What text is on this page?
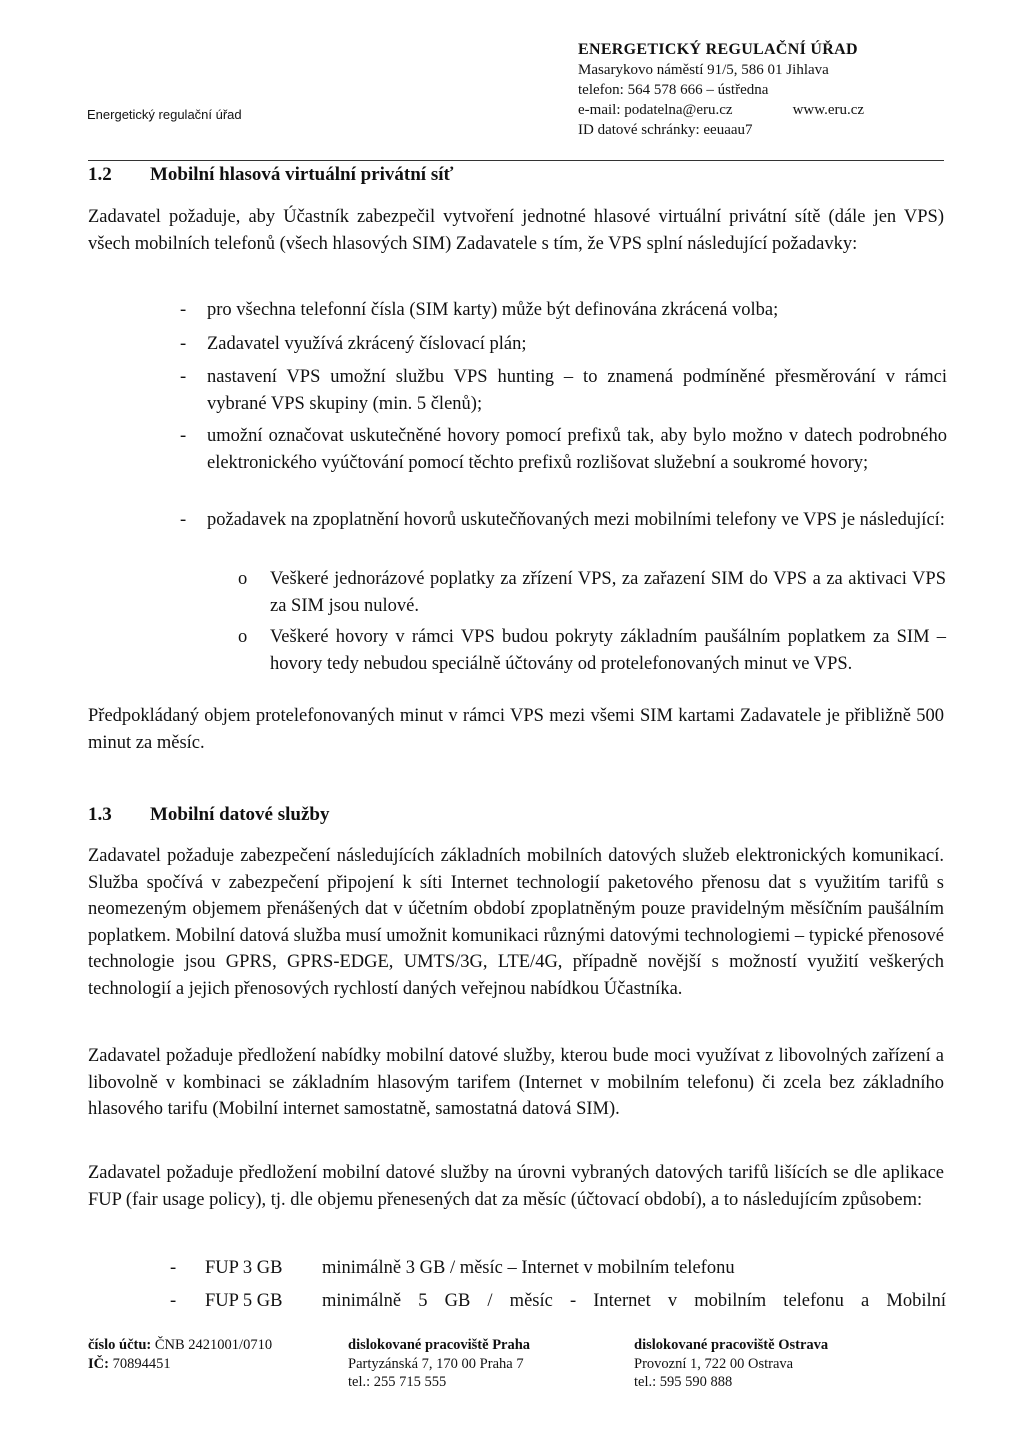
Energetický regulační úřad
ENERGETICKÝ REGULAČNÍ ÚŘAD
Masarykovo náměstí 91/5, 586 01 Jihlava
telefon: 564 578 666 – ústředna
e-mail: podatelna@eru.cz	www.eru.cz
ID datové schránky: eeuaau7
1.2 Mobilní hlasová virtuální privátní síť
Zadavatel požaduje, aby Účastník zabezpečil vytvoření jednotné hlasové virtuální privátní sítě (dále jen VPS) všech mobilních telefonů (všech hlasových SIM) Zadavatele s tím, že VPS splní následující požadavky:
- pro všechna telefonní čísla (SIM karty) může být definována zkrácená volba;
- Zadavatel využívá zkrácený číslovací plán;
- nastavení VPS umožní službu VPS hunting – to znamená podmíněné přesměrování v rámci vybrané VPS skupiny (min. 5 členů);
- umožní označovat uskutečněné hovory pomocí prefixů tak, aby bylo možno v datech podrobného elektronického vyúčtování pomocí těchto prefixů rozlišovat služební a soukromé hovory;
- požadavek na zpoplatnění hovorů uskutečňovaných mezi mobilními telefony ve VPS je následující:
o Veškeré jednorázové poplatky za zřízení VPS, za zařazení SIM do VPS a za aktivaci VPS za SIM jsou nulové.
o Veškeré hovory v rámci VPS budou pokryty základním paušálním poplatkem za SIM – hovory tedy nebudou speciálně účtovány od protelefonovaných minut ve VPS.
Předpokládaný objem protelefonovaných minut v rámci VPS mezi všemi SIM kartami Zadavatele je přibližně 500 minut za měsíc.
1.3 Mobilní datové služby
Zadavatel požaduje zabezpečení následujících základních mobilních datových služeb elektronických komunikací. Služba spočívá v zabezpečení připojení k síti Internet technologií paketového přenosu dat s využitím tarifů s neomezeným objemem přenášených dat v účetním období zpoplatněným pouze pravidelným měsíčním paušálním poplatkem. Mobilní datová služba musí umožnit komunikaci různými datovými technologiemi – typické přenosové technologie jsou GPRS, GPRS-EDGE, UMTS/3G, LTE/4G, případně novější s možností využití veškerých technologií a jejich přenosových rychlostí daných veřejnou nabídkou Účastníka.
Zadavatel požaduje předložení nabídky mobilní datové služby, kterou bude moci využívat z libovolných zařízení a libovolně v kombinaci se základním hlasovým tarifem (Internet v mobilním telefonu) či zcela bez základního hlasového tarifu (Mobilní internet samostatně, samostatná datová SIM).
Zadavatel požaduje předložení mobilní datové služby na úrovni vybraných datových tarifů lišících se dle aplikace FUP (fair usage policy), tj. dle objemu přenesených dat za měsíc (účtovací období), a to následujícím způsobem:
- FUP 3 GB minimálně 3 GB / měsíc – Internet v mobilním telefonu
- FUP 5 GB minimálně 5 GB / měsíc - Internet v mobilním telefonu a Mobilní
číslo účtu: ČNB 2421001/0710
IČ: 70894451
dislokované pracoviště Praha
Partyzánská 7, 170 00 Praha 7
tel.: 255 715 555
dislokované pracoviště Ostrava
Provozní 1, 722 00 Ostrava
tel.: 595 590 888
